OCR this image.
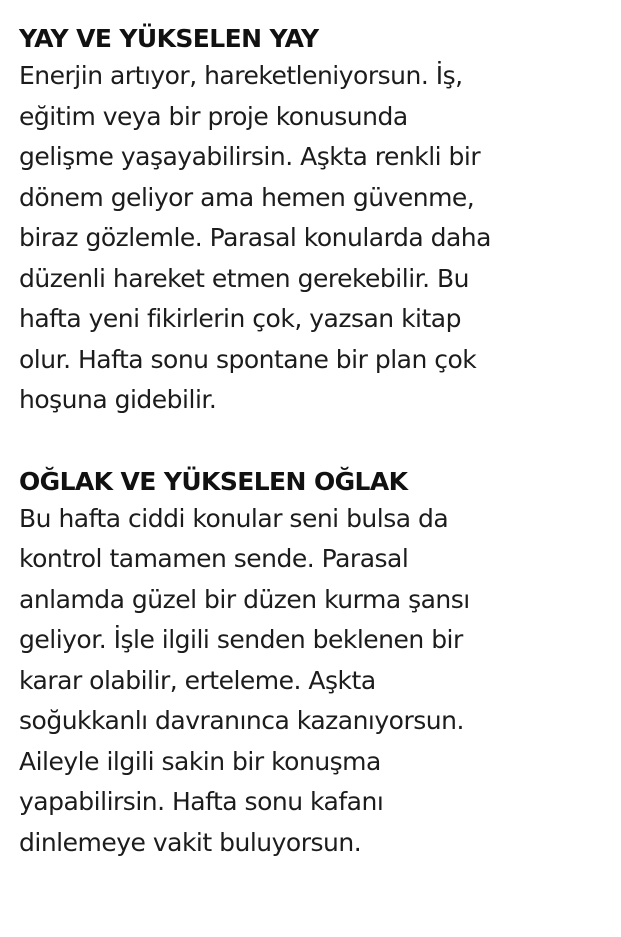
YAY VE YÜKSELEN YAY
Enerjin artıyor, hareketleniyorsun. İş,
eğitim veya bir proje konusunda
gelişme yaşayabilirsin. Aşkta renkli bir
dönem geliyor ama hemen güvenme,
biraz gözlemle. Parasal konularda daha
düzenli hareket etmen gerekebilir. Bu
hafta yeni fikirlerin çok, yazsan kitap
olur. Hafta sonu spontane bir plan çok
hoşuna gidebilir.
OĞLAK VE YÜKSELEN OĞLAK
Bu hafta ciddi konular seni bulsa da
kontrol tamamen sende. Parasal
anlamda güzel bir düzen kurma şansı
geliyor. İşle ilgili senden beklenen bir
karar olabilir, erteleme. Aşkta
soğukkanlı davranınca kazanıyorsun.
Aileyle ilgili sakin bir konuşma
yapabilirsin. Hafta sonu kafanı
dinlemeye vakit buluyorsun.
